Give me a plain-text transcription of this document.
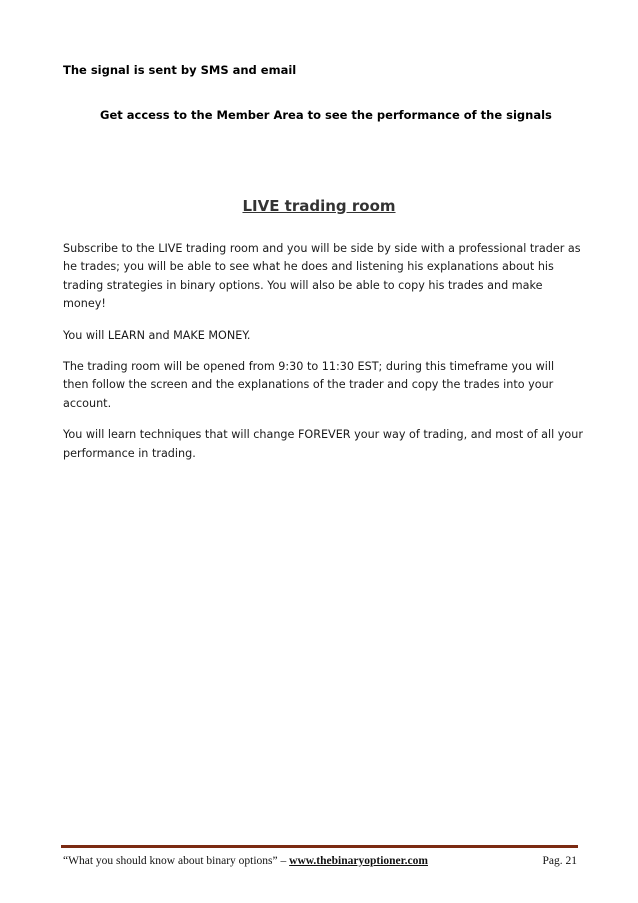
The signal is sent by SMS and email
Get access to the Member Area to see the performance of the signals
LIVE trading room

Subscribe to the LIVE trading room and you will be side by side with a professional trader as he trades; you will be able to see what he does and listening his explanations about his trading strategies in binary options. You will also be able to copy his trades and make money!

You will LEARN and MAKE MONEY.

The trading room will be opened from 9:30 to 11:30 EST; during this timeframe you will then follow the screen and the explanations of the trader and copy the trades into your account.

You will learn techniques that will change FOREVER your way of trading, and most of all your performance in trading.

“What you should know about binary options” – www.thebinaryoptioner.com	Pag. 21
